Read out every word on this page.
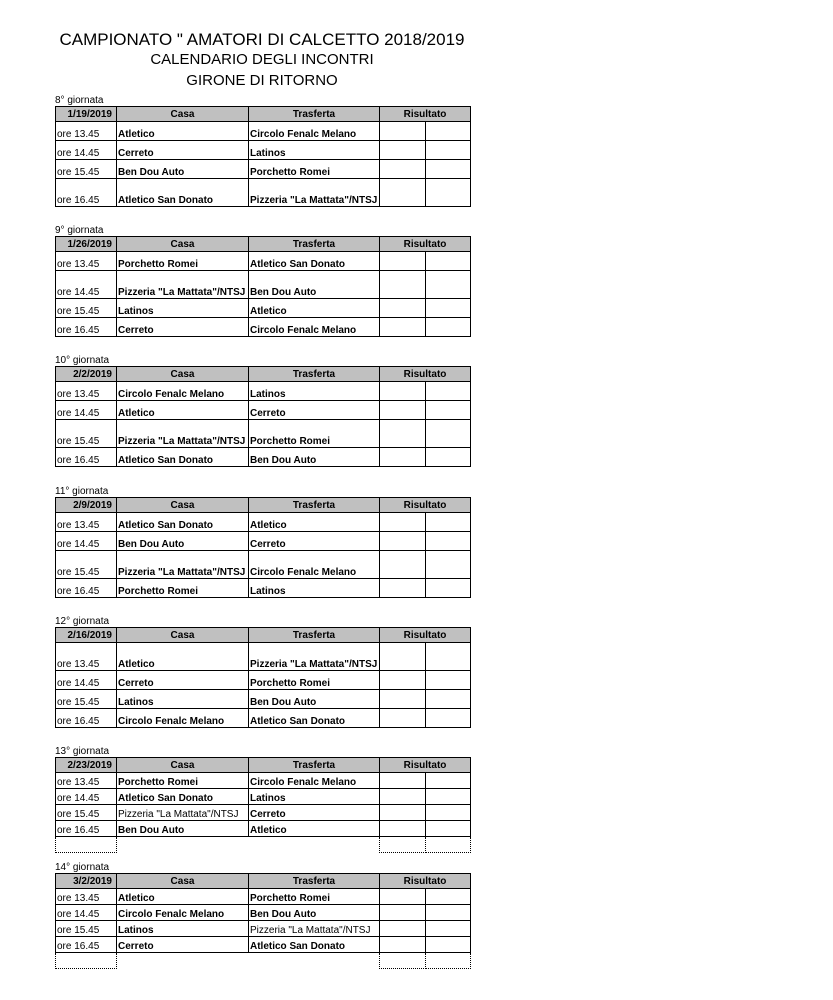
CAMPIONATO " AMATORI DI CALCETTO 2018/2019
CALENDARIO DEGLI INCONTRI
GIRONE DI RITORNO
8° giornata
1/19/2019	Casa	Trasferta	Risultato	
ore 13.45	Atletico	Circolo Fenalc Melano		
ore 14.45	Cerreto	Latinos		
ore 15.45	Ben Dou Auto	Porchetto Romei		
ore 16.45	Atletico San Donato	Pizzeria "La Mattata"/NTSJ		
9° giornata
1/26/2019	Casa	Trasferta	Risultato	
ore 13.45	Porchetto Romei	Atletico San Donato		
ore 14.45	Pizzeria "La Mattata"/NTSJ	Ben Dou Auto		
ore 15.45	Latinos	Atletico		
ore 16.45	Cerreto	Circolo Fenalc Melano		
10° giornata
2/2/2019	Casa	Trasferta	Risultato	
ore 13.45	Circolo Fenalc Melano	Latinos		
ore 14.45	Atletico	Cerreto		
ore 15.45	Pizzeria "La Mattata"/NTSJ	Porchetto Romei		
ore 16.45	Atletico San Donato	Ben Dou Auto		
11° giornata
2/9/2019	Casa	Trasferta	Risultato	
ore 13.45	Atletico San Donato	Atletico		
ore 14.45	Ben Dou Auto	Cerreto		
ore 15.45	Pizzeria "La Mattata"/NTSJ	Circolo Fenalc Melano		
ore 16.45	Porchetto Romei	Latinos		
12° giornata
2/16/2019	Casa	Trasferta	Risultato	
ore 13.45	Atletico	Pizzeria "La Mattata"/NTSJ		
ore 14.45	Cerreto	Porchetto Romei		
ore 15.45	Latinos	Ben Dou Auto		
ore 16.45	Circolo Fenalc Melano	Atletico San Donato		
13° giornata
2/23/2019	Casa	Trasferta	Risultato	
ore 13.45	Porchetto Romei	Circolo Fenalc Melano		
ore 14.45	Atletico San Donato	Latinos		
ore 15.45	Pizzeria "La Mattata"/NTSJ	Cerreto		
ore 16.45	Ben Dou Auto	Atletico		

14° giornata
3/2/2019	Casa	Trasferta	Risultato	
ore 13.45	Atletico	Porchetto Romei		
ore 14.45	Circolo Fenalc Melano	Ben Dou Auto		
ore 15.45	Latinos	Pizzeria "La Mattata"/NTSJ		
ore 16.45	Cerreto	Atletico San Donato		
